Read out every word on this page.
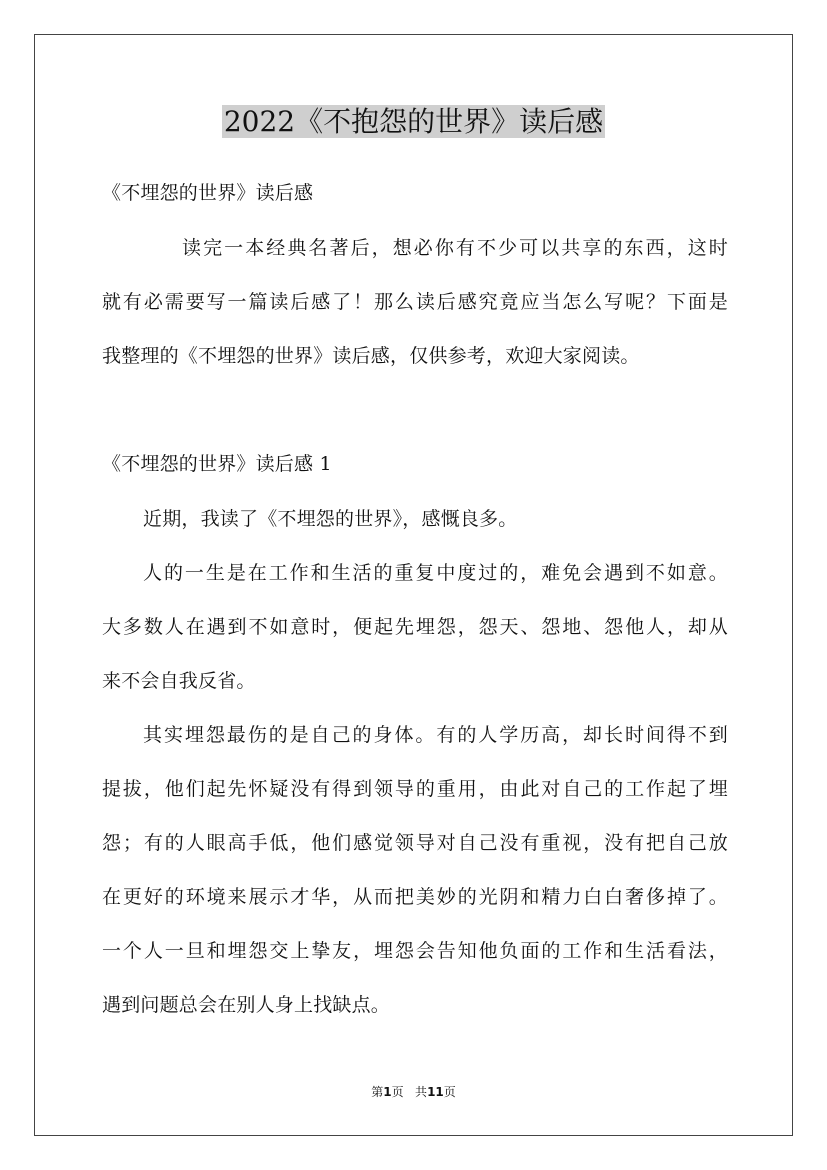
2022《不抱怨的世界》读后感

《不埋怨的世界》读后感

读完一本经典名著后，想必你有不少可以共享的东西，这时

就有必需要写一篇读后感了！那么读后感究竟应当怎么写呢？下面是

我整理的《不埋怨的世界》读后感，仅供参考，欢迎大家阅读。

《不埋怨的世界》读后感 1

近期，我读了《不埋怨的世界》，感慨良多。

人的一生是在工作和生活的重复中度过的，难免会遇到不如意。

大多数人在遇到不如意时，便起先埋怨，怨天、怨地、怨他人，却从

来不会自我反省。

其实埋怨最伤的是自己的身体。有的人学历高，却长时间得不到

提拔，他们起先怀疑没有得到领导的重用，由此对自己的工作起了埋

怨；有的人眼高手低，他们感觉领导对自己没有重视，没有把自己放

在更好的环境来展示才华，从而把美妙的光阴和精力白白奢侈掉了。

一个人一旦和埋怨交上挚友，埋怨会告知他负面的工作和生活看法，

遇到问题总会在别人身上找缺点。

第1页 共11页
